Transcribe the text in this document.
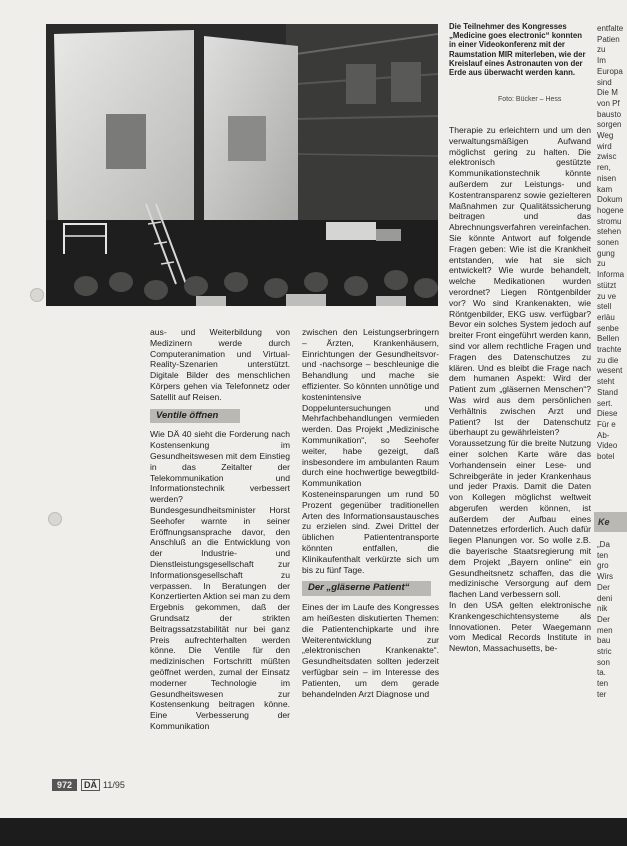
Die Teilnehmer des Kongresses „Medicine goes electronic“ konnten in einer Videokonferenz mit der Raumstation MIR miterleben, wie der Kreislauf eines Astronauten von der Erde aus überwacht werden kann.
Foto: Bücker – Hess

aus- und Weiterbildung von Medizinern werde durch Computeranimation und Virtual-Reality-Szenarien unterstützt. Digitale Bilder des menschlichen Körpers gehen via Telefonnetz oder Satellit auf Reisen.

Ventile öffnen

Wie DÄ 40 sieht die Forderung nach Kostensenkung im Gesundheitswesen mit dem Einstieg in das Zeitalter der Telekommunikation und Informationstechnik verbessert werden? Bundesgesundheitsminister Horst Seehofer warnte in seiner Eröffnungsansprache davor, den Anschluß an die Entwicklung von der Industrie- und Dienstleistungsgesellschaft zur Informationsgesellschaft zu verpassen. In Beratungen der Konzertierten Aktion sei man zu dem Ergebnis gekommen, daß der Grundsatz der strikten Beitragssatzstabilität nur bei ganz Preis aufrechterhalten werden könne. Die Ventile für den medizinischen Fortschritt müßten geöffnet werden, zumal der Einsatz moderner Technologie im Gesundheitswesen zur Kostensenkung beitragen könne. Eine Verbesserung der Kommunikation

zwischen den Leistungserbringern – Ärzten, Krankenhäusern, Einrichtungen der Gesundheitsvor- und -nachsorge – beschleunige die Behandlung und mache sie effizienter. So könnten unnötige und kostenintensive Doppeluntersuchungen und Mehrfachbehandlungen vermieden werden. Das Projekt „Medizinische Kommunikation“, so Seehofer weiter, habe gezeigt, daß insbesondere im ambulanten Raum durch eine hochwertige bewegtbild-Kommunikation Kosteneinsparungen um rund 50 Prozent gegenüber traditionellen Arten des Informationsaustausches zu erzielen sind. Zwei Drittel der üblichen Patiententransporte könnten entfallen, die Klinikaufenthalt verkürzte sich um bis zu fünf Tage.

Der „gläserne Patient“

Eines der im Laufe des Kongresses am heißesten diskutierten Themen: die Patientenchipkarte und ihre Weiterentwicklung zur „elektronischen Krankenakte“. Gesundheitsdaten sollten jederzeit verfügbar sein – im Interesse des Patienten, um dem gerade behandelnden Arzt Diagnose und

Therapie zu erleichtern und um den verwaltungsmäßigen Aufwand möglichst gering zu halten. Die elektronisch gestützte Kommunikationstechnik könnte außerdem zur Leistungs- und Kostentransparenz sowie gezielteren Maßnahmen zur Qualitätssicherung beitragen und das Abrechnungsverfahren vereinfachen. Sie könnte Antwort auf folgende Fragen geben: Wie ist die Krankheit entstanden, wie hat sie sich entwickelt? Wie wurde behandelt, welche Medikationen wurden verordnet? Liegen Röntgenbilder vor? Wo sind Krankenakten, wie Röntgenbilder, EKG usw. verfügbar? Bevor ein solches System jedoch auf breiter Front eingeführt werden kann, sind vor allem rechtliche Fragen und Fragen des Datenschutzes zu klären. Und es bleibt die Frage nach dem humanen Aspekt: Wird der Patient zum „gläsernen Menschen“? Was wird aus dem persönlichen Verhältnis zwischen Arzt und Patient? Ist der Datenschutz überhaupt zu gewährleisten?

Voraussetzung für die breite Nutzung einer solchen Karte wäre das Vorhandensein einer Lese- und Schreibgeräte in jeder Krankenhaus und jeder Praxis. Damit die Daten von Kollegen möglichst weltweit abgerufen werden können, ist außerdem der Aufbau eines Datennetzes erforderlich. Auch dafür liegen Planungen vor. So wolle z.B. die bayerische Staatsregierung mit dem Projekt „Bayern online“ ein Gesundheitsnetz schaffen, das die medizinische Versorgung auf dem flachen Land verbessern soll.

In den USA gelten elektronische Krankengeschichtensysteme als Innovationen. Peter Waegemann vom Medical Records Institute in Newton, Massachusetts, be-

entfalte
Patien
zu
Im
Europa
sind
Die M
von Pf
bausto
sorgen
Weg
wird
zwisc
ren,
nisen
kam
Dokum
hogene
stromu
stehen
sonen
gung
zu
Informa
stützt
zu ve
stell
erläu
senbe
Bellen
trachte
zu die
wesent
steht
Stand
sert.
Diese
Für e
Ab-
Video
botel
Ke
„Da
ten
gro
Wirs
Der
deni
nik
Der
men
bau
stric
son
ta.
ten
ter
972	DÄ 11/95
